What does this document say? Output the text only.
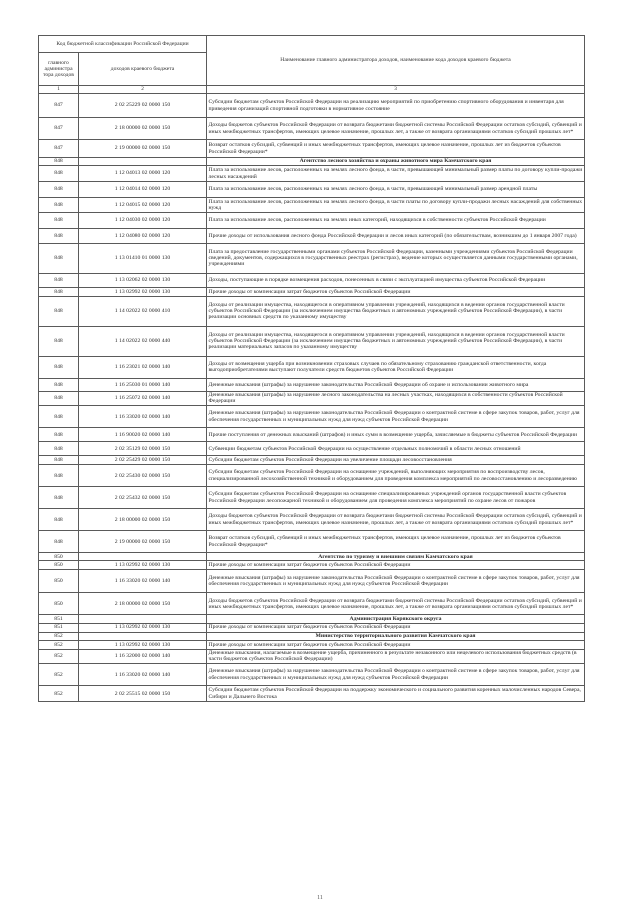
Код бюджетной классификации Российской Федерации		Наименование главного администратора доходов, наименование кода доходов краевого бюджета
главного администра тора доходов	доходов краевого бюджета	
1	2	3
847	2 02 25229 02 0000 150	Субсидии бюджетам субъектов Российской Федерации на реализацию мероприятий по приобретению спортивного оборудования и инвентаря для приведения организаций спортивной подготовки в нормативное состояние
847	2 18 00000 02 0000 150	Доходы бюджетов субъектов Российской Федерации от возврата бюджетами бюджетной системы Российской Федерации остатков субсидий, субвенций и иных межбюджетных трансфертов, имеющих целевое назначение, прошлых лет, а также от возврата организациями остатков субсидий прошлых лет*
847	2 19 00000 02 0000 150	Возврат остатков субсидий, субвенций и иных межбюджетных трансфертов, имеющих целевое назначение, прошлых лет из бюджетов субъектов Российской Федерации*
848		Агентство лесного хозяйства и охраны животного мира Камчатского края
848	1 12 04013 02 0000 120	Плата за использование лесов, расположенных на землях лесного фонда, в части, превышающей минимальный размер платы по договору купли-продажи лесных насаждений
848	1 12 04014 02 0000 120	Плата за использование лесов, расположенных на землях лесного фонда, в части, превышающей минимальный размер арендной платы
848	1 12 04015 02 0000 120	Плата за использование лесов, расположенных на землях лесного фонда, в части платы по договору купли-продажи лесных насаждений для собственных нужд
848	1 12 04030 02 0000 120	Плата за использование лесов, расположенных на землях иных категорий, находящихся в собственности субъектов Российской Федерации
848	1 12 04080 02 0000 120	Прочие доходы от использования лесного фонда Российской Федерации и лесов иных категорий (по обязательствам, возникшим до 1 января 2007 года)
848	1 13 01410 01 0000 130	Плата за предоставление государственными органами субъектов Российской Федерации, казенными учреждениями субъектов Российской Федерации сведений, документов, содержащихся в государственных реестрах (регистрах), ведение которых осуществляется данными государственными органами, учреждениями
848	1 13 02062 02 0000 130	Доходы, поступающие в порядке возмещения расходов, понесенных в связи с эксплуатацией имущества субъектов Российской Федерации
848	1 13 02992 02 0000 130	Прочие доходы от компенсации затрат бюджетов субъектов Российской Федерации
848	1 14 02022 02 0000 410	Доходы от реализации имущества, находящегося в оперативном управлении учреждений, находящихся в ведении органов государственной власти субъектов Российской Федерации (за исключением имущества бюджетных и автономных учреждений субъектов Российской Федерации), в части реализации основных средств по указанному имуществу
848	1 14 02022 02 0000 440	Доходы от реализации имущества, находящегося в оперативном управлении учреждений, находящихся в ведении органов государственной власти субъектов Российской Федерации (за исключением имущества бюджетных и автономных учреждений субъектов Российской Федерации), в части реализации материальных запасов по указанному имуществу
848	1 16 23021 02 0000 140	Доходы от возмещения ущерба при возникновении страховых случаев по обязательному страхованию гражданской ответственности, когда выгодоприобретателями выступают получатели средств бюджетов субъектов Российской Федерации
848	1 16 25030 01 0000 140	Денежные взыскания (штрафы) за нарушение законодательства Российской Федерации об охране и использовании животного мира
848	1 16 25072 02 0000 140	Денежные взыскания (штрафы) за нарушение лесного законодательства на лесных участках, находящихся в собственности субъектов Российской Федерации
848	1 16 33020 02 0000 140	Денежные взыскания (штрафы) за нарушение законодательства Российской Федерации о контрактной системе в сфере закупок товаров, работ, услуг для обеспечения государственных и муниципальных нужд для нужд субъектов Российской Федерации
848	1 16 90020 02 0000 140	Прочие поступления от денежных взысканий (штрафов) и иных сумм в возмещение ущерба, зачисляемые в бюджеты субъектов Российской Федерации
848	2 02 35129 02 0000 150	Субвенции бюджетам субъектов Российской Федерации на осуществление отдельных полномочий в области лесных отношений
848	2 02 25429 02 0000 150	Субсидии бюджетам субъектов Российской Федерации на увеличение площади лесовосстановления
848	2 02 25430 02 0000 150	Субсидии бюджетам субъектов Российской Федерации на оснащение учреждений, выполняющих мероприятия по воспроизводству лесов, специализированной лесохозяйственной техникой и оборудованием для проведения комплекса мероприятий по лесовосстановлению и лесоразведению
848	2 02 25432 02 0000 150	Субсидии бюджетам субъектов Российской Федерации на оснащение специализированных учреждений органов государственной власти субъектов Российской Федерации лесопожарной техникой и оборудованием для проведения комплекса мероприятий по охране лесов от пожаров
848	2 18 00000 02 0000 150	Доходы бюджетов субъектов Российской Федерации от возврата бюджетами бюджетной системы Российской Федерации остатков субсидий, субвенций и иных межбюджетных трансфертов, имеющих целевое назначение, прошлых лет, а также от возврата организациями остатков субсидий прошлых лет*
848	2 19 00000 02 0000 150	Возврат остатков субсидий, субвенций и иных межбюджетных трансфертов, имеющих целевое назначение, прошлых лет из бюджетов субъектов Российской Федерации*
850		Агентство по туризму и внешним связям Камчатского края
850	1 13 02992 02 0000 130	Прочие доходы от компенсации затрат бюджетов субъектов Российской Федерации
850	1 16 33020 02 0000 140	Денежные взыскания (штрафы) за нарушение законодательства Российской Федерации о контрактной системе в сфере закупок товаров, работ, услуг для обеспечения государственных и муниципальных нужд для нужд субъектов Российской Федерации
850	2 18 00000 02 0000 150	Доходы бюджетов субъектов Российской Федерации от возврата бюджетами бюджетной системы Российской Федерации остатков субсидий, субвенций и иных межбюджетных трансфертов, имеющих целевое назначение, прошлых лет, а также от возврата организациями остатков субсидий прошлых лет*
851		Администрация Корякского округа
851	1 13 02992 02 0000 130	Прочие доходы от компенсации затрат бюджетов субъектов Российской Федерации
852		Министерство территориального развития Камчатского края
852	1 13 02992 02 0000 130	Прочие доходы от компенсации затрат бюджетов субъектов Российской Федерации
852	1 16 32000 02 0000 140	Денежные взыскания, налагаемые в возмещение ущерба, причиненного в результате незаконного или нецелевого использования бюджетных средств (в части бюджетов субъектов Российской Федерации)
852	1 16 33020 02 0000 140	Денежные взыскания (штрафы) за нарушение законодательства Российской Федерации о контрактной системе в сфере закупок товаров, работ, услуг для обеспечения государственных и муниципальных нужд для нужд субъектов Российской Федерации
852	2 02 25515 02 0000 150	Субсидии бюджетам субъектов Российской Федерации на поддержку экономического и социального развития коренных малочисленных народов Севера, Сибири и Дальнего Востока
11
